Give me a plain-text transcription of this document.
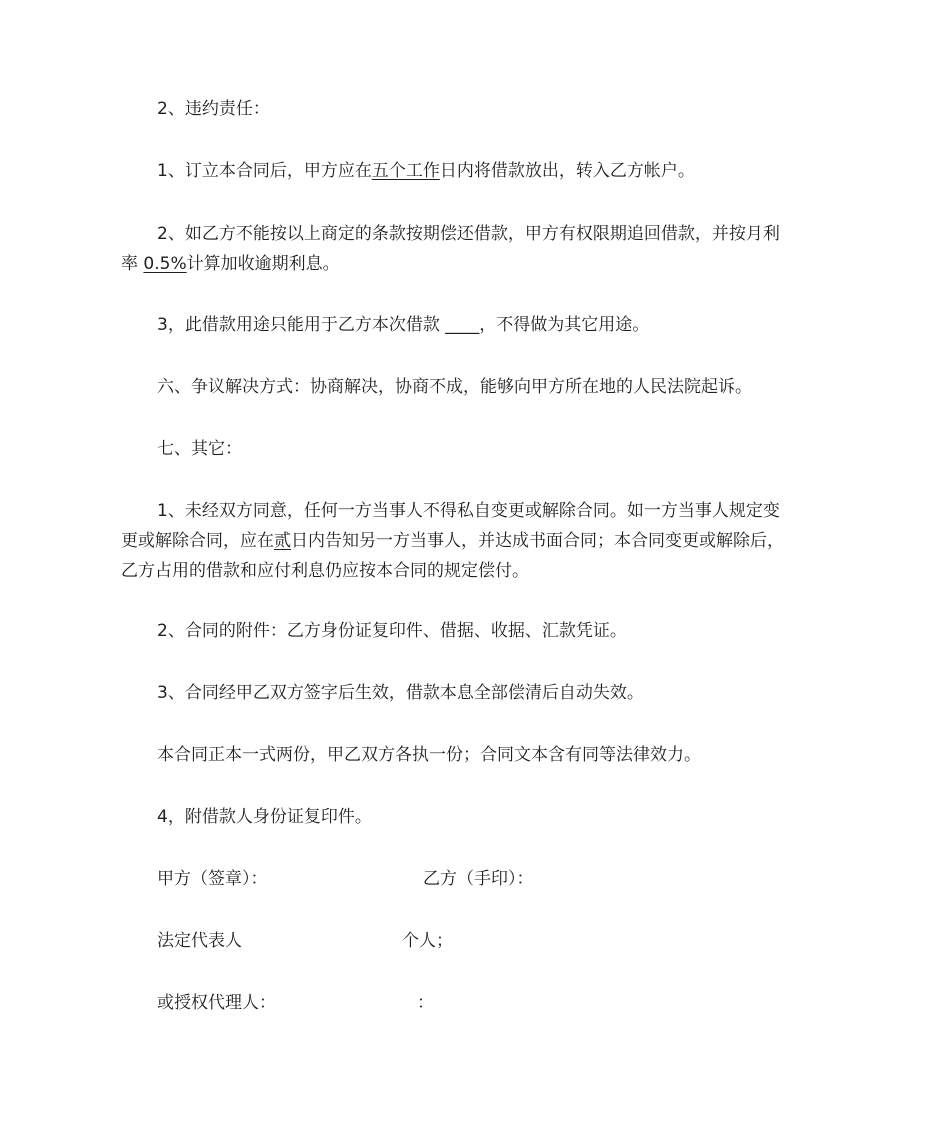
2、违约责任：
1、订立本合同后，甲方应在五个工作日内将借款放出，转入乙方帐户。
2、如乙方不能按以上商定的条款按期偿还借款，甲方有权限期追回借款，并按月利
率 0.5%计算加收逾期利息。
3，此借款用途只能用于乙方本次借款 ____，不得做为其它用途。
六、争议解决方式：协商解决，协商不成，能够向甲方所在地的人民法院起诉。
七、其它：
1、未经双方同意，任何一方当事人不得私自变更或解除合同。如一方当事人规定变
更或解除合同，应在贰日内告知另一方当事人，并达成书面合同；本合同变更或解除后，
乙方占用的借款和应付利息仍应按本合同的规定偿付。
2、合同的附件：乙方身份证复印件、借据、收据、汇款凭证。
3、合同经甲乙双方签字后生效，借款本息全部偿清后自动失效。
本合同正本一式两份，甲乙双方各执一份；合同文本含有同等法律效力。
4，附借款人身份证复印件。
甲方（签章）：	乙方（手印）：
法定代表人	个人；
或授权代理人：	：
